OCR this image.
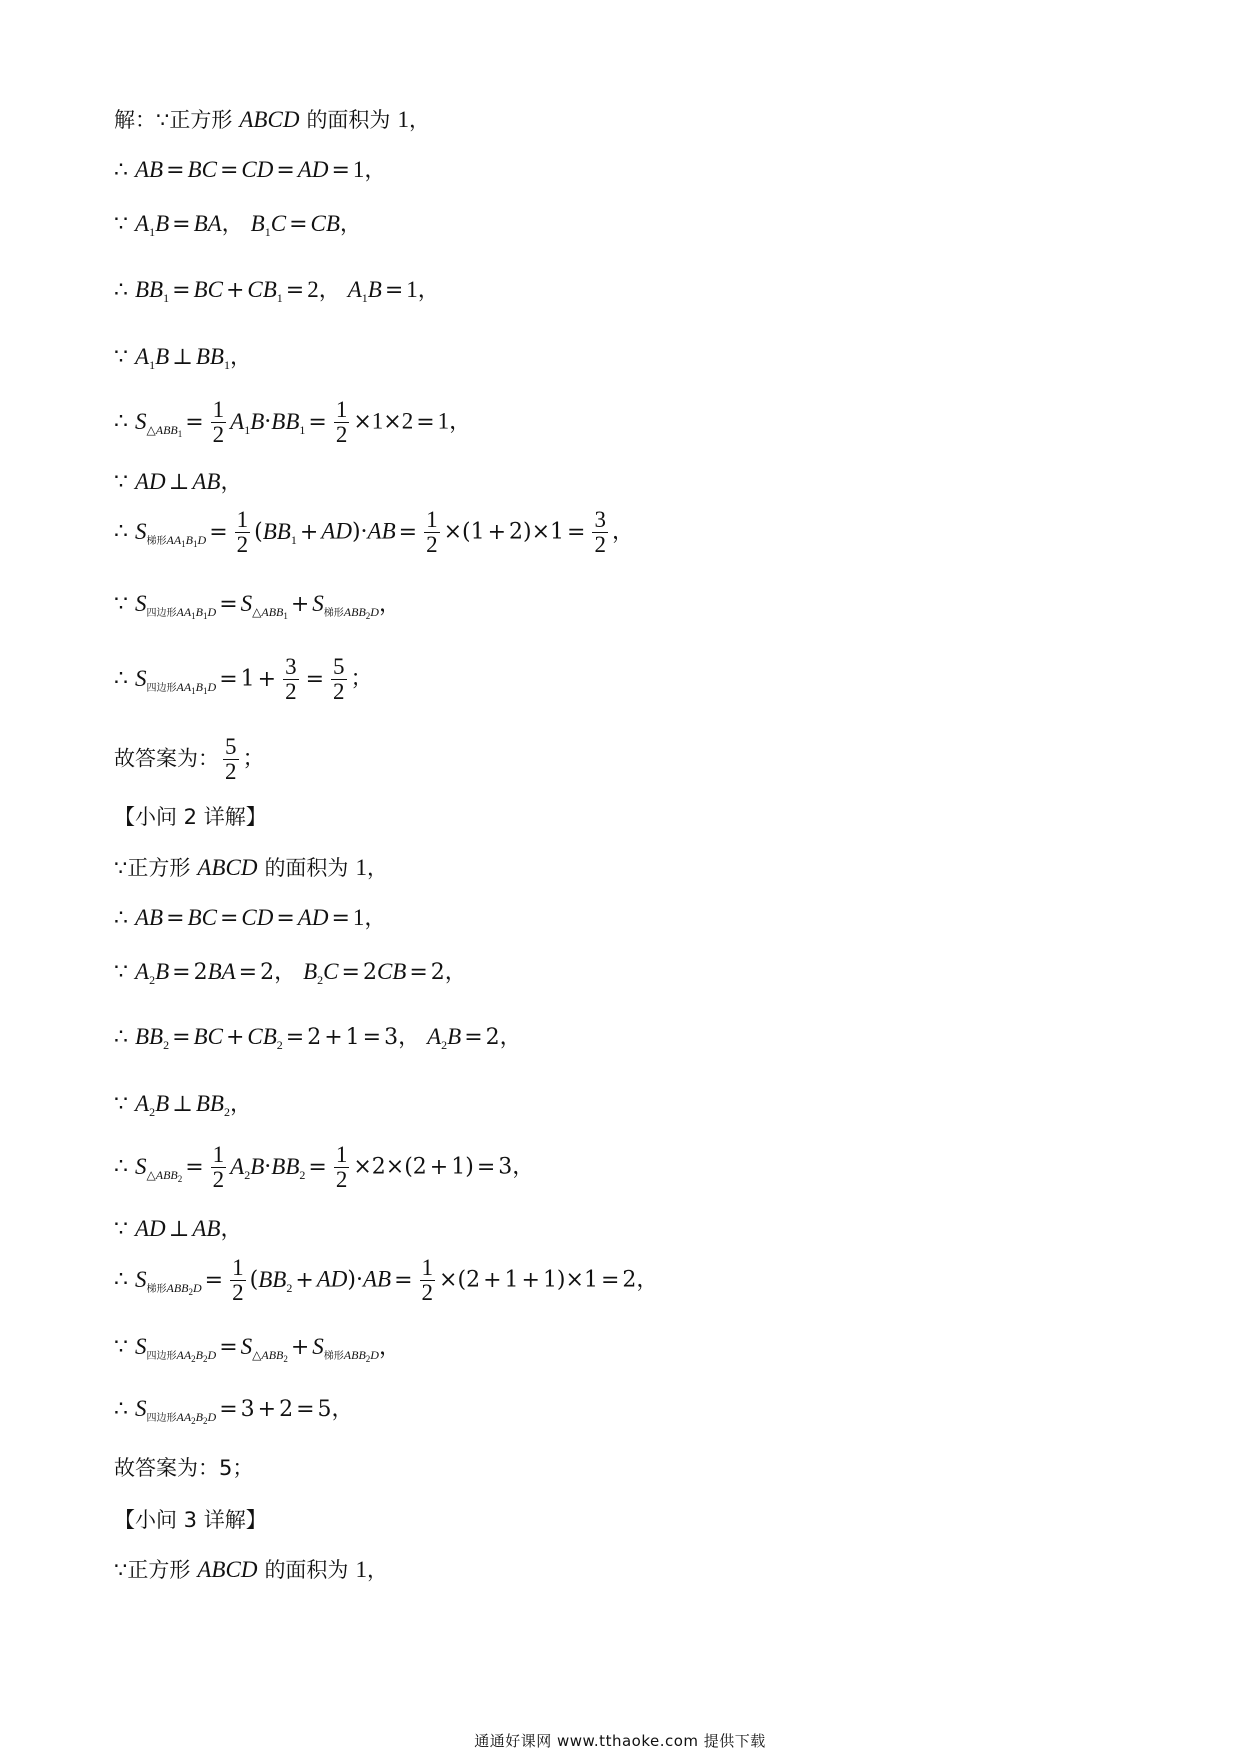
解：∵正方形 ABCD 的面积为 1，
∴ AB = BC = CD = AD = 1，
∵ $A_1B$ = BA， $B_1C$ = CB，
∴ $BB_1$ = BC + $CB_1 = 2$， $A_1B = 1$，
∵ $A_1B$ ⊥ $BB_1$，
∴ $S_{\triangle ABB_1} = \frac{1}{2} A_1B\cdot BB_1 = \frac{1}{2} \times 1\times 2 = 1$，
∵ AD ⊥ AB，
∴ $S_{梯形AA_1B_1D} = \frac{1}{2} (BB_1 + AD)\cdot AB = \frac{1}{2} \times(1 + 2)\times 1 = \frac{3}{2}$ ，
∵ $S_{四边形AA_1B_1D} = S_{\triangle ABB_1} + S_{梯形ABB_2D}$，
∴ $S_{四边形AA_1B_1D} = 1 + \frac{3}{2} = \frac{5}{2}$ ；
故答案为： $\frac{5}{2}$ ；
【小问 2 详解】
∵正方形 ABCD 的面积为 1，
∴ AB = BC = CD = AD = 1，
∵ $A_2B = 2BA = 2$， $B_2C = 2CB = 2$，
∴ $BB_2$ = BC + $CB_2 = 2 + 1 = 3$， $A_2B = 2$，
∵ $A_2B$ ⊥ $BB_2$，
∴ $S_{\triangle ABB_2} = \frac{1}{2} A_2B\cdot BB_2 = \frac{1}{2} \times 2\times(2 + 1) = 3$，
∵ AD ⊥ AB，
∴ $S_{梯形ABB_2D} = \frac{1}{2} (BB_2 + AD)\cdot AB = \frac{1}{2} \times(2 + 1 + 1)\times 1 = 2$，
∵ $S_{四边形AA_2B_2D} = S_{\triangle ABB_2} + S_{梯形ABB_2D}$，
∴ $S_{四边形AA_2B_2D} = 3 + 2 = 5$，
故答案为：5；
【小问 3 详解】
∵正方形 ABCD 的面积为 1，
通通好课网 www.tthaoke.com 提供下载
